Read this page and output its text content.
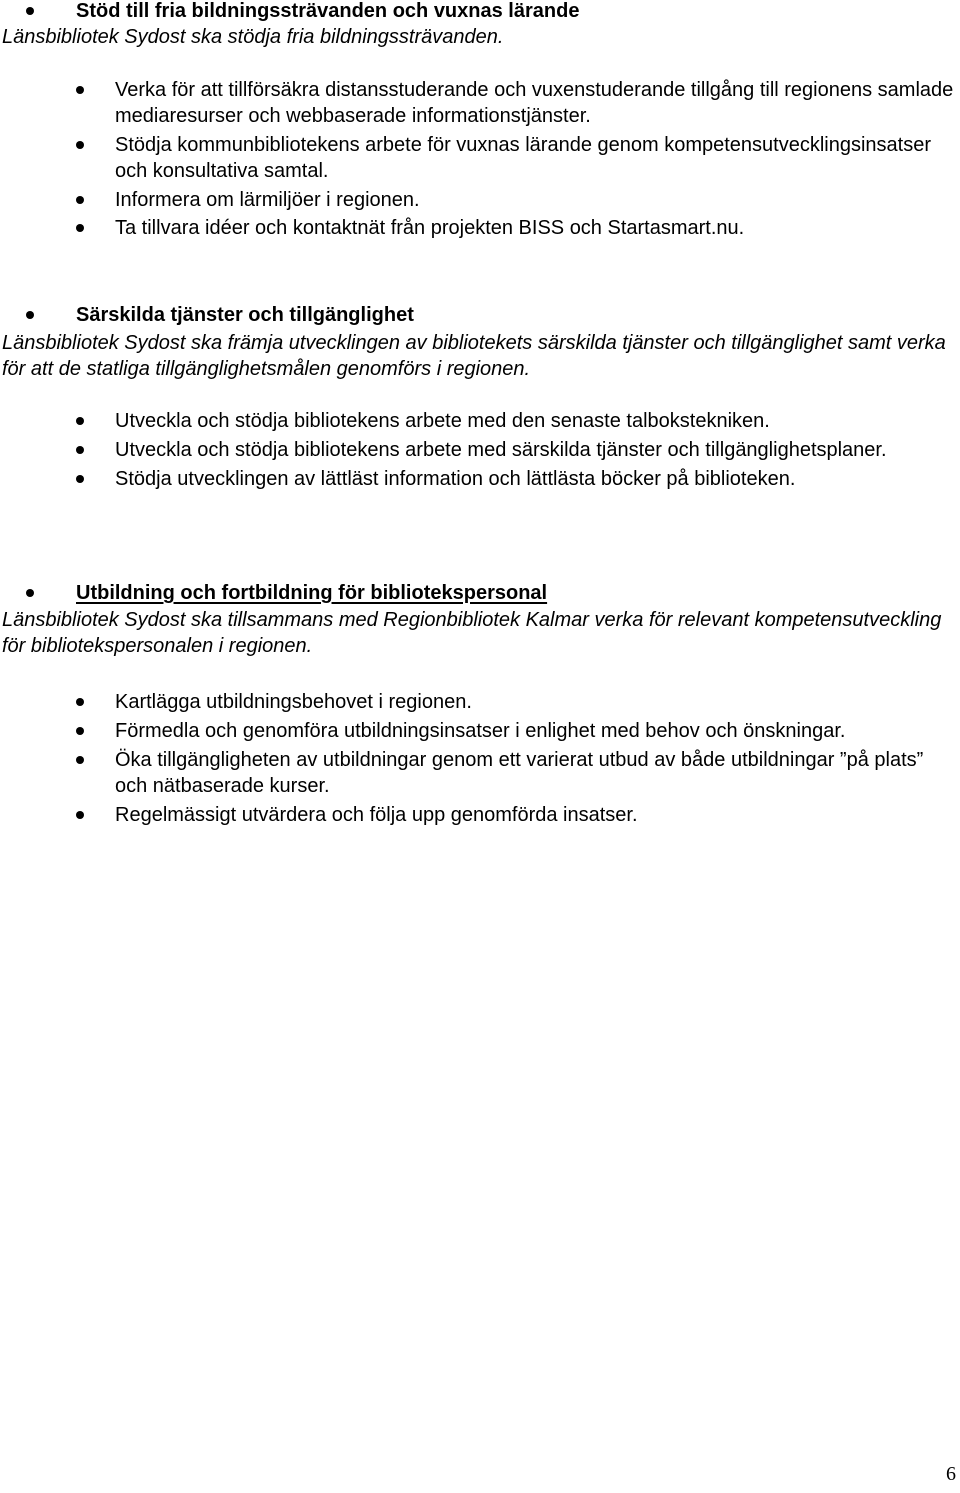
Stöd till fria bildningssträvanden och vuxnas lärande
Länsbibliotek Sydost ska stödja fria bildningssträvanden.
Verka för att tillförsäkra distansstuderande och vuxenstuderande tillgång till regionens samlade mediaresurser och webbaserade informationstjänster.
Stödja kommunbibliotekens arbete för vuxnas lärande genom kompetensutvecklingsinsatser och konsultativa samtal.
Informera om lärmiljöer i regionen.
Ta tillvara idéer och kontaktnät från projekten BISS och Startasmart.nu.
Särskilda tjänster och tillgänglighet
Länsbibliotek Sydost ska främja utvecklingen av bibliotekets särskilda tjänster och tillgänglighet samt verka för att de statliga tillgänglighetsmålen genomförs i regionen.
Utveckla och stödja bibliotekens arbete med den senaste talbokstekniken.
Utveckla och stödja bibliotekens arbete med särskilda tjänster och tillgänglighetsplaner.
Stödja utvecklingen av lättläst information och lättlästa böcker på biblioteken.
Utbildning och fortbildning för bibliotekspersonal
Länsbibliotek Sydost ska tillsammans med Regionbibliotek Kalmar verka för relevant kompetensutveckling för bibliotekspersonalen i regionen.
Kartlägga utbildningsbehovet i regionen.
Förmedla och genomföra utbildningsinsatser i enlighet med behov och önskningar.
Öka tillgängligheten av utbildningar genom ett varierat utbud av både utbildningar ”på plats” och nätbaserade kurser.
Regelmässigt utvärdera och följa upp genomförda insatser.
6
